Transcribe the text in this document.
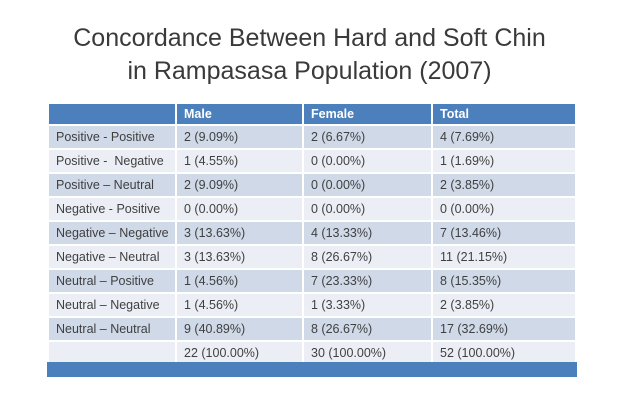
Concordance Between Hard and Soft Chin
in Rampasasa Population (2007)
	Male	Female	Total
Positive - Positive	2 (9.09%)	2 (6.67%)	4 (7.69%)
Positive -  Negative	1 (4.55%)	0 (0.00%)	1 (1.69%)
Positive – Neutral	2 (9.09%)	0 (0.00%)	2 (3.85%)
Negative - Positive	0 (0.00%)	0 (0.00%)	0 (0.00%)
Negative – Negative	3 (13.63%)	4 (13.33%)	7 (13.46%)
Negative – Neutral	3 (13.63%)	8 (26.67%)	11 (21.15%)
Neutral – Positive	1 (4.56%)	7 (23.33%)	8 (15.35%)
Neutral – Negative	1 (4.56%)	1 (3.33%)	2 (3.85%)
Neutral – Neutral	9 (40.89%)	8 (26.67%)	17 (32.69%)
	22 (100.00%)	30 (100.00%)	52 (100.00%)
